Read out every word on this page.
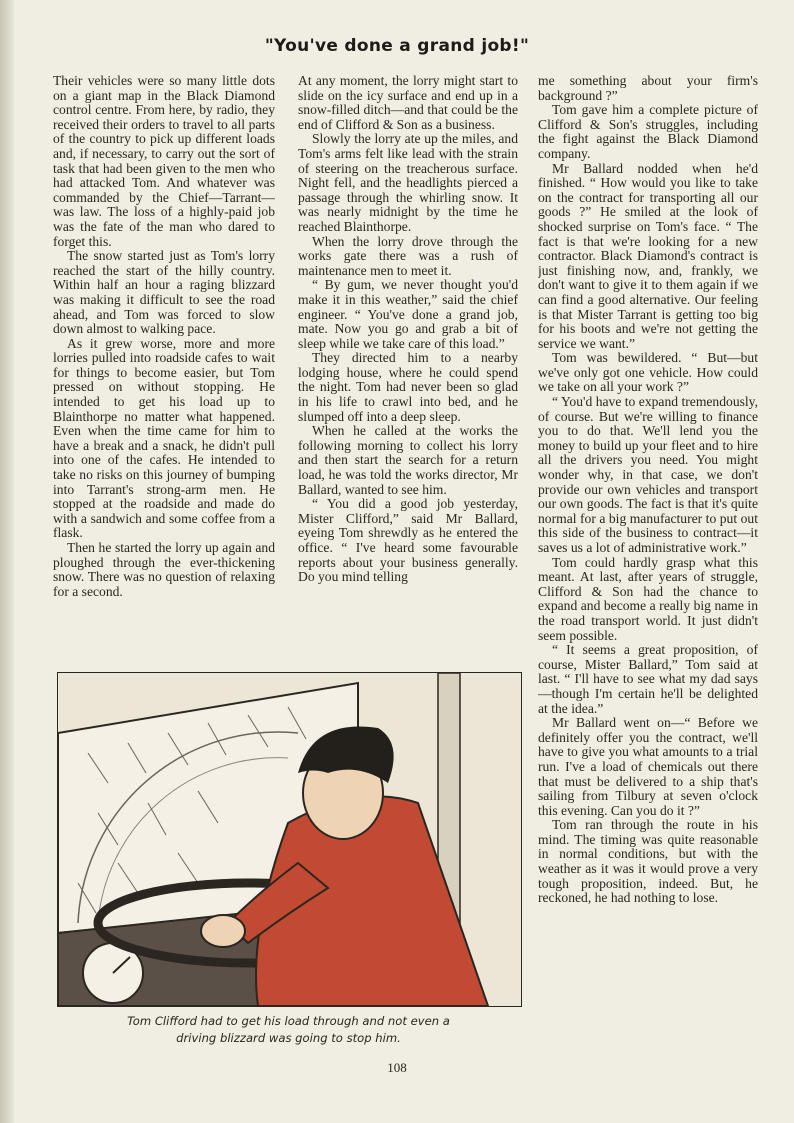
"You've done a grand job!"

Their vehicles were so many little dots on a giant map in the Black Diamond control centre. From here, by radio, they received their orders to travel to all parts of the country to pick up different loads and, if necessary, to carry out the sort of task that had been given to the men who had attacked Tom. And whatever was commanded by the Chief—Tarrant—was law. The loss of a highly-paid job was the fate of the man who dared to forget this.

The snow started just as Tom's lorry reached the start of the hilly country. Within half an hour a raging blizzard was making it difficult to see the road ahead, and Tom was forced to slow down almost to walking pace.

As it grew worse, more and more lorries pulled into roadside cafes to wait for things to become easier, but Tom pressed on without stopping. He intended to get his load up to Blainthorpe no matter what happened. Even when the time came for him to have a break and a snack, he didn't pull into one of the cafes. He intended to take no risks on this journey of bumping into Tarrant's strong-arm men. He stopped at the roadside and made do with a sandwich and some coffee from a flask.

Then he started the lorry up again and ploughed through the ever-thickening snow. There was no question of relaxing for a second.

At any moment, the lorry might start to slide on the icy surface and end up in a snow-filled ditch—and that could be the end of Clifford & Son as a business.

Slowly the lorry ate up the miles, and Tom's arms felt like lead with the strain of steering on the treacherous surface. Night fell, and the headlights pierced a passage through the whirling snow. It was nearly midnight by the time he reached Blainthorpe.

When the lorry drove through the works gate there was a rush of maintenance men to meet it.

“ By gum, we never thought you'd make it in this weather,” said the chief engineer. “ You've done a grand job, mate. Now you go and grab a bit of sleep while we take care of this load.”

They directed him to a nearby lodging house, where he could spend the night. Tom had never been so glad in his life to crawl into bed, and he slumped off into a deep sleep.

When he called at the works the following morning to collect his lorry and then start the search for a return load, he was told the works director, Mr Ballard, wanted to see him.

“ You did a good job yesterday, Mister Clifford,” said Mr Ballard, eyeing Tom shrewdly as he entered the office. “ I've heard some favourable reports about your business generally. Do you mind telling

me something about your firm's background ?”

Tom gave him a complete picture of Clifford & Son's struggles, including the fight against the Black Diamond company.

Mr Ballard nodded when he'd finished. “ How would you like to take on the contract for transporting all our goods ?” He smiled at the look of shocked surprise on Tom's face. “ The fact is that we're looking for a new contractor. Black Diamond's contract is just finishing now, and, frankly, we don't want to give it to them again if we can find a good alternative. Our feeling is that Mister Tarrant is getting too big for his boots and we're not getting the service we want.”

Tom was bewildered. “ But—but we've only got one vehicle. How could we take on all your work ?”

“ You'd have to expand tremendously, of course. But we're willing to finance you to do that. We'll lend you the money to build up your fleet and to hire all the drivers you need. You might wonder why, in that case, we don't provide our own vehicles and transport our own goods. The fact is that it's quite normal for a big manufacturer to put out this side of the business to contract—it saves us a lot of administrative work.”

Tom could hardly grasp what this meant. At last, after years of struggle, Clifford & Son had the chance to expand and become a really big name in the road transport world. It just didn't seem possible.

“ It seems a great proposition, of course, Mister Ballard,” Tom said at last. “ I'll have to see what my dad says—though I'm certain he'll be delighted at the idea.”

Mr Ballard went on—“ Before we definitely offer you the contract, we'll have to give you what amounts to a trial run. I've a load of chemicals out there that must be delivered to a ship that's sailing from Tilbury at seven o'clock this evening. Can you do it ?”

Tom ran through the route in his mind. The timing was quite reasonable in normal conditions, but with the weather as it was it would prove a very tough proposition, indeed. But, he reckoned, he had nothing to lose.

Tom Clifford had to get his load through and not even a
driving blizzard was going to stop him.
108
